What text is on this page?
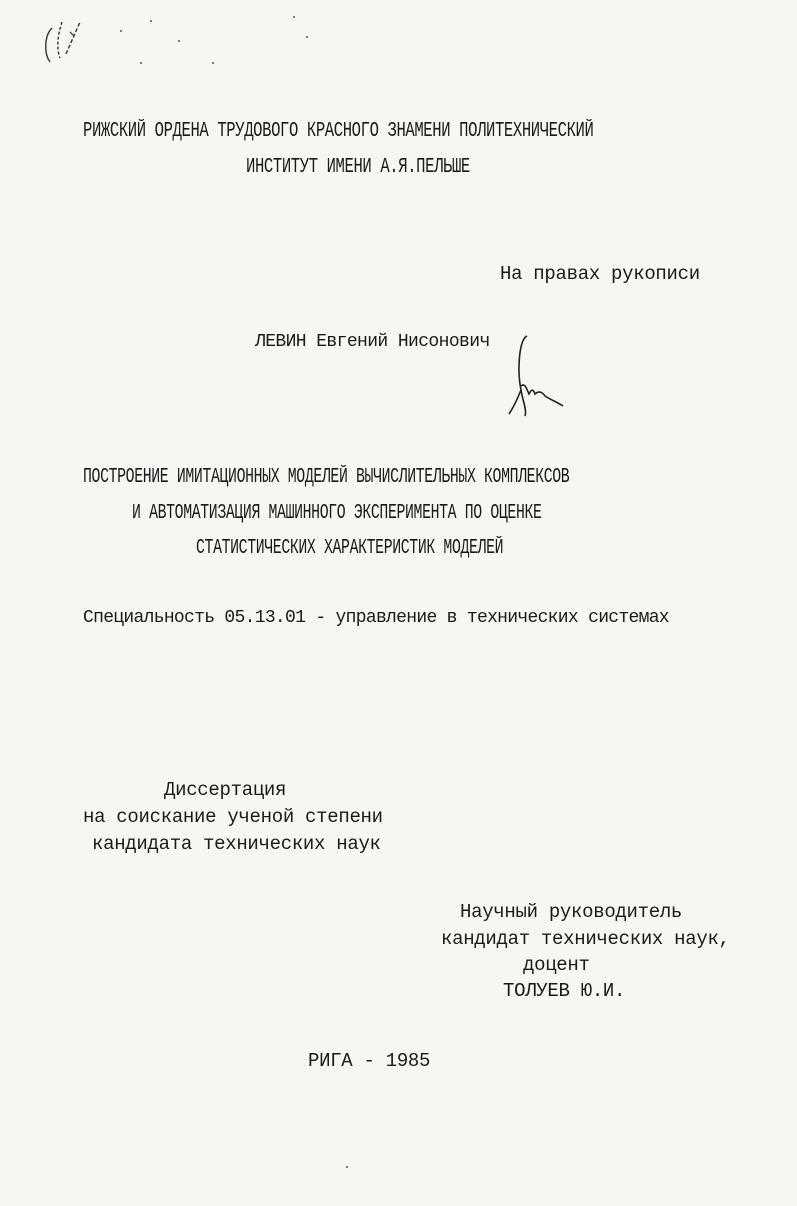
РИЖСКИЙ ОРДЕНА ТРУДОВОГО КРАСНОГО ЗНАМЕНИ ПОЛИТЕХНИЧЕСКИЙ
ИНСТИТУТ ИМЕНИ А.Я.ПЕЛЬШЕ
На правах рукописи
ЛЕВИН Евгений Нисонович
ПОСТРОЕНИЕ ИМИТАЦИОННЫХ МОДЕЛЕЙ ВЫЧИСЛИТЕЛЬНЫХ КОМПЛЕКСОВ
И АВТОМАТИЗАЦИЯ МАШИННОГО ЭКСПЕРИМЕНТА ПО ОЦЕНКЕ
СТАТИСТИЧЕСКИХ ХАРАКТЕРИСТИК МОДЕЛЕЙ
Специальность 05.13.01 - управление в технических системах
Диссертация
на соискание ученой степени
кандидата технических наук
Научный руководитель
кандидат технических наук,
доцент
ТОЛУЕВ Ю.И.
РИГА - 1985
